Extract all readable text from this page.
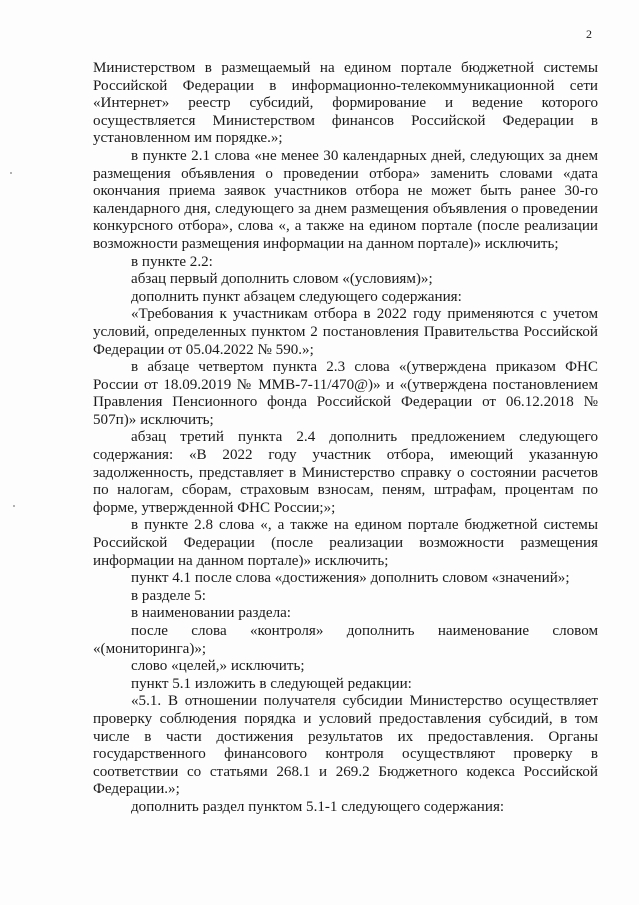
2

Министерством в размещаемый на едином портале бюджетной системы Российской Федерации в информационно-телекоммуникационной сети «Интернет» реестр субсидий, формирование и ведение которого осуществляется Министерством финансов Российской Федерации в установленном им порядке.»;

в пункте 2.1 слова «не менее 30 календарных дней, следующих за днем размещения объявления о проведении отбора» заменить словами «дата окончания приема заявок участников отбора не может быть ранее 30-го календарного дня, следующего за днем размещения объявления о проведении конкурсного отбора», слова «, а также на едином портале (после реализации возможности размещения информации на данном портале)» исключить;

в пункте 2.2:

абзац первый дополнить словом «(условиям)»;

дополнить пункт абзацем следующего содержания:

«Требования к участникам отбора в 2022 году применяются с учетом условий, определенных пунктом 2 постановления Правительства Российской Федерации от 05.04.2022 № 590.»;

в абзаце четвертом пункта 2.3 слова «(утверждена приказом ФНС России от 18.09.2019 № ММВ-7-11/470@)» и «(утверждена постановлением Правления Пенсионного фонда Российской Федерации от 06.12.2018 № 507п)» исключить;

абзац третий пункта 2.4 дополнить предложением следующего содержания: «В 2022 году участник отбора, имеющий указанную задолженность, представляет в Министерство справку о состоянии расчетов по налогам, сборам, страховым взносам, пеням, штрафам, процентам по форме, утвержденной ФНС России;»;

в пункте 2.8 слова «, а также на едином портале бюджетной системы Российской Федерации (после реализации возможности размещения информации на данном портале)» исключить;

пункт 4.1 после слова «достижения» дополнить словом «значений»;

в разделе 5:

в наименовании раздела:

после слова «контроля» дополнить наименование словом «(мониторинга)»;

слово «целей,» исключить;

пункт 5.1 изложить в следующей редакции:

«5.1. В отношении получателя субсидии Министерство осуществляет проверку соблюдения порядка и условий предоставления субсидий, в том числе в части достижения результатов их предоставления. Органы государственного финансового контроля осуществляют проверку в соответствии со статьями 268.1 и 269.2 Бюджетного кодекса Российской Федерации.»;

дополнить раздел пунктом 5.1-1 следующего содержания:
